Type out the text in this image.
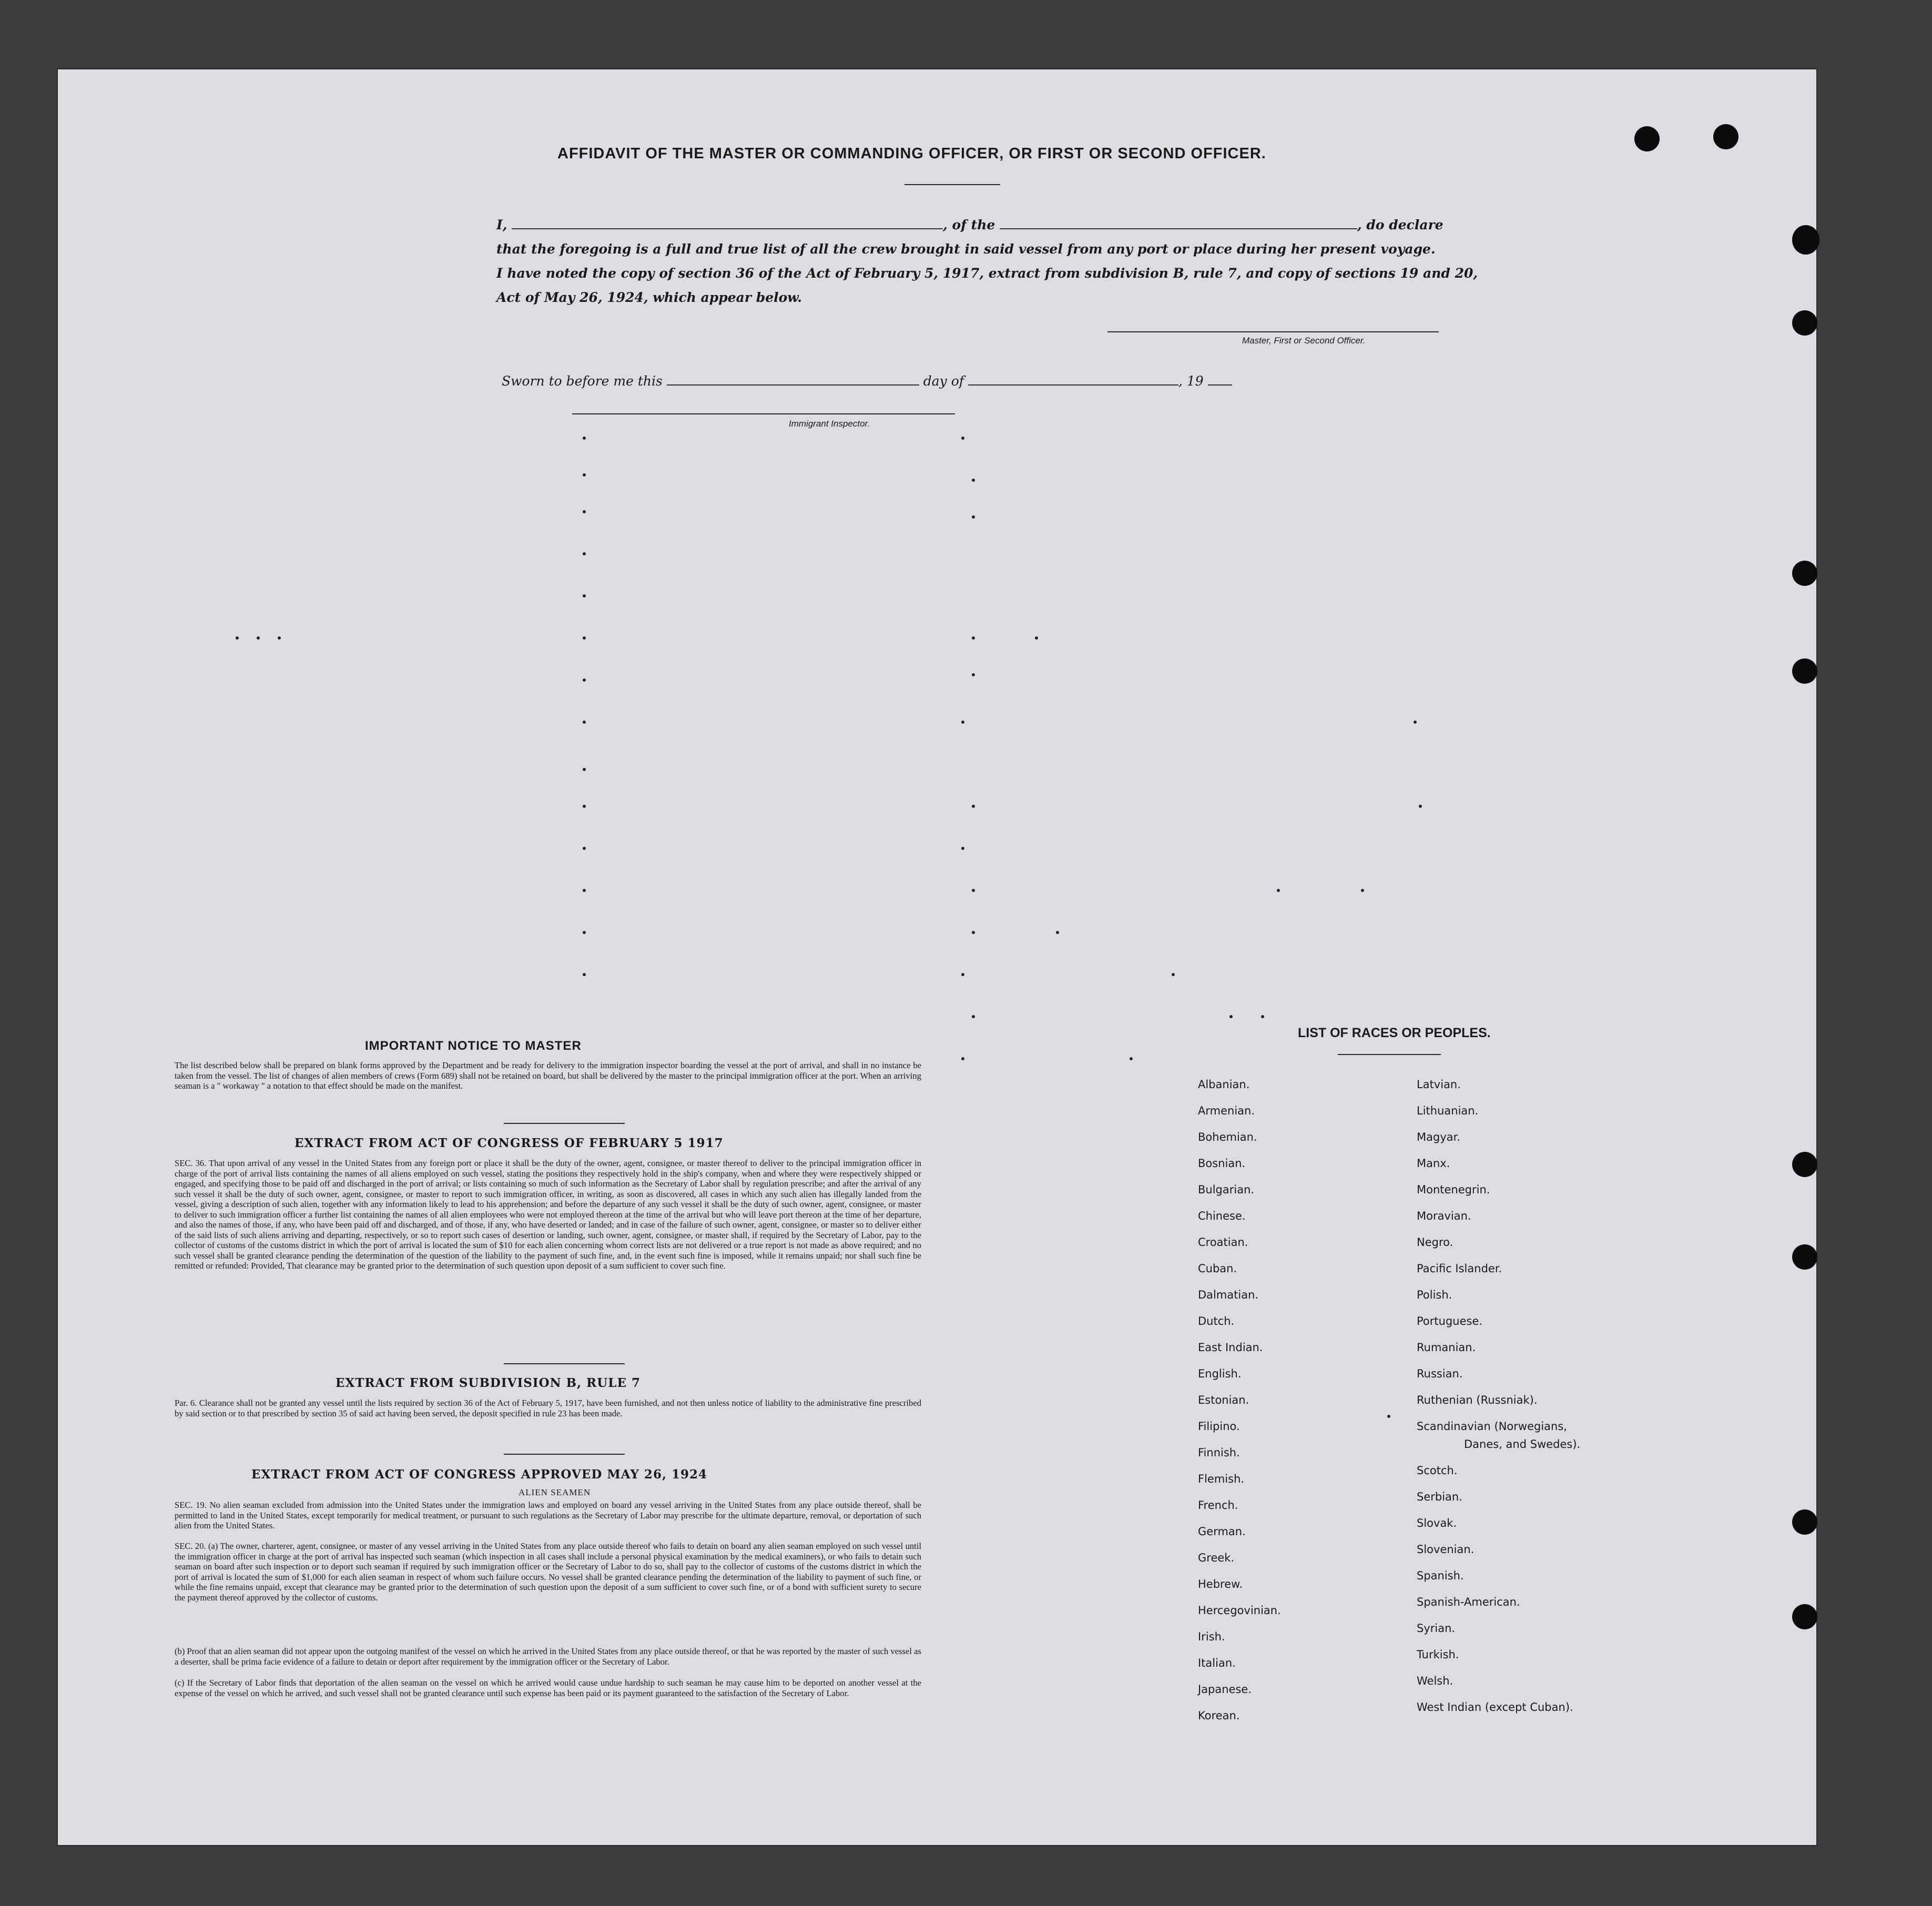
AFFIDAVIT OF THE MASTER OR COMMANDING OFFICER, OR FIRST OR SECOND OFFICER.
I,	, of the	, do declare
that the foregoing is a full and true list of all the crew brought in said vessel from any port or place during her present voyage.
I have noted the copy of section 36 of the Act of February 5, 1917, extract from subdivision B, rule 7, and copy of sections 19 and 20,
Act of May 26, 1924, which appear below.
Master, First or Second Officer.
Sworn to before me this	day of	, 19
Immigrant Inspector.
IMPORTANT NOTICE TO MASTER
The list described below shall be prepared on blank forms approved by the Department and be ready for delivery to the immigration inspector boarding the vessel at the port of arrival, and shall in no instance be taken from the vessel. The list of changes of alien members of crews (Form 689) shall not be retained on board, but shall be delivered by the master to the principal immigration officer at the port. When an arriving seaman is a " workaway " a notation to that effect should be made on the manifest.
EXTRACT FROM ACT OF CONGRESS OF FEBRUARY 5 1917
SEC. 36. That upon arrival of any vessel in the United States from any foreign port or place it shall be the duty of the owner, agent, consignee, or master thereof to deliver to the principal immigration officer in charge of the port of arrival lists containing the names of all aliens employed on such vessel, stating the positions they respectively hold in the ship's company, when and where they were respectively shipped or engaged, and specifying those to be paid off and discharged in the port of arrival; or lists containing so much of such information as the Secretary of Labor shall by regulation prescribe; and after the arrival of any such vessel it shall be the duty of such owner, agent, consignee, or master to report to such immigration officer, in writing, as soon as discovered, all cases in which any such alien has illegally landed from the vessel, giving a description of such alien, together with any information likely to lead to his apprehension; and before the departure of any such vessel it shall be the duty of such owner, agent, consignee, or master to deliver to such immigration officer a further list containing the names of all alien employees who were not employed thereon at the time of the arrival but who will leave port thereon at the time of her departure, and also the names of those, if any, who have been paid off and discharged, and of those, if any, who have deserted or landed; and in case of the failure of such owner, agent, consignee, or master so to deliver either of the said lists of such aliens arriving and departing, respectively, or so to report such cases of desertion or landing, such owner, agent, consignee, or master shall, if required by the Secretary of Labor, pay to the collector of customs of the customs district in which the port of arrival is located the sum of $10 for each alien concerning whom correct lists are not delivered or a true report is not made as above required; and no such vessel shall be granted clearance pending the determination of the question of the liability to the payment of such fine, and, in the event such fine is imposed, while it remains unpaid; nor shall such fine be remitted or refunded: Provided, That clearance may be granted prior to the determination of such question upon deposit of a sum sufficient to cover such fine.
EXTRACT FROM SUBDIVISION B, RULE 7
Par. 6. Clearance shall not be granted any vessel until the lists required by section 36 of the Act of February 5, 1917, have been furnished, and not then unless notice of liability to the administrative fine prescribed by said section or to that prescribed by section 35 of said act having been served, the deposit specified in rule 23 has been made.
EXTRACT FROM ACT OF CONGRESS APPROVED MAY 26, 1924
ALIEN SEAMEN
SEC. 19. No alien seaman excluded from admission into the United States under the immigration laws and employed on board any vessel arriving in the United States from any place outside thereof, shall be permitted to land in the United States, except temporarily for medical treatment, or pursuant to such regulations as the Secretary of Labor may prescribe for the ultimate departure, removal, or deportation of such alien from the United States.
SEC. 20. (a) The owner, charterer, agent, consignee, or master of any vessel arriving in the United States from any place outside thereof who fails to detain on board any alien seaman employed on such vessel until the immigration officer in charge at the port of arrival has inspected such seaman (which inspection in all cases shall include a personal physical examination by the medical examiners), or who fails to detain such seaman on board after such inspection or to deport such seaman if required by such immigration officer or the Secretary of Labor to do so, shall pay to the collector of customs of the customs district in which the port of arrival is located the sum of $1,000 for each alien seaman in respect of whom such failure occurs. No vessel shall be granted clearance pending the determination of the liability to payment of such fine, or while the fine remains unpaid, except that clearance may be granted prior to the determination of such question upon the deposit of a sum sufficient to cover such fine, or of a bond with sufficient surety to secure the payment thereof approved by the collector of customs.
(b) Proof that an alien seaman did not appear upon the outgoing manifest of the vessel on which he arrived in the United States from any place outside thereof, or that he was reported by the master of such vessel as a deserter, shall be prima facie evidence of a failure to detain or deport after requirement by the immigration officer or the Secretary of Labor.
(c) If the Secretary of Labor finds that deportation of the alien seaman on the vessel on which he arrived would cause undue hardship to such seaman he may cause him to be deported on another vessel at the expense of the vessel on which he arrived, and such vessel shall not be granted clearance until such expense has been paid or its payment guaranteed to the satisfaction of the Secretary of Labor.
LIST OF RACES OR PEOPLES.
Albanian.
Armenian.
Bohemian.
Bosnian.
Bulgarian.
Chinese.
Croatian.
Cuban.
Dalmatian.
Dutch.
East Indian.
English.
Estonian.
Filipino.
Finnish.
Flemish.
French.
German.
Greek.
Hebrew.
Hercegovinian.
Irish.
Italian.
Japanese.
Korean.
Latvian.
Lithuanian.
Magyar.
Manx.
Montenegrin.
Moravian.
Negro.
Pacific Islander.
Polish.
Portuguese.
Rumanian.
Russian.
Ruthenian (Russniak).
Scandinavian (Norwegians,
Danes, and Swedes).
Scotch.
Serbian.
Slovak.
Slovenian.
Spanish.
Spanish-American.
Syrian.
Turkish.
Welsh.
West Indian (except Cuban).
